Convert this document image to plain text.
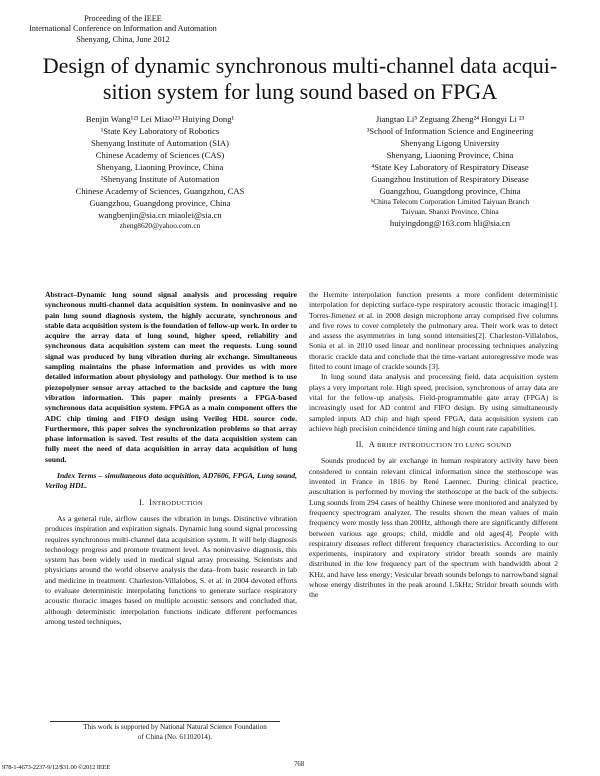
Proceeding of the IEEE
International Conference on Information and Automation
Shenyang, China, June 2012
Design of dynamic synchronous multi-channel data acqui-
sition system for lung sound based on FPGA
Benjin Wang¹²³ Lei Miao¹²³ Huiying Dong¹
¹State Key Laboratory of Robotics
Shenyang Institute of Automation (SIA)
Chinese Academy of Sciences (CAS)
Shenyang, Liaoning Province, China
²Shenyang Institute of Automation
Chinese Academy of Sciences, Guangzhou, CAS
Guangzhou, Guangdong province, China
wangbenjin@sia.cn miaolei@sia.cn
zheng8620@yahoo.com.cn
Jiangtao Li⁵ Zeguang Zheng²⁴ Hongyi Li ²³
³School of Information Science and Engineering
Shenyang Ligong University
Shenyang, Liaoning Province, China
⁴State Key Laboratory of Respiratory Disease
Guangzhou Institution of Respiratory Disease
Guangzhou, Guangdong province, China
⁵China Telecom Corporation Limited Taiyuan Branch
Taiyuan, Shanxi Province, China
huiyingdong@163.com hli@sia.cn

Abstract–Dynamic lung sound signal analysis and processing require synchronous multi-channel data acquisition system. In noninvasive and no pain lung sound diagnosis system, the highly accurate, synchronous and stable data acquisition system is the foundation of fellow-up work. In order to acquire the array data of lung sound, higher speed, reliability and synchronous data acquisition system can meet the requests. Lung sound signal was produced by lung vibration during air exchange. Simultaneous sampling maintains the phase information and provides us with more detailed information about physiology and pathology. Our method is to use piezopolymer sensor array attached to the backside and capture the lung vibration information. This paper mainly presents a FPGA-based synchronous data acquisition system. FPGA as a main component offers the ADC chip timing and FIFO design using Verilog HDL source code. Furthermore, this paper solves the synchronization problems so that array phase information is saved. Test results of the data acquisition system can fully meet the need of data acquisition in array data acquisition of lung sound.

Index Terms – simultaneous data acquisition, AD7606, FPGA, Lung sound, Verilog HDL.

I. INTRODUCTION

As a general rule, airflow causes the vibration in lungs. Distinctive vibration produces inspiration and expiration signals. Dynamic lung sound signal processing requires synchronous multi-channel data acquisition system. It will help diagnosis technology progress and promote treatment level. As noninvasive diagnosis, this system has been widely used in medical signal array processing. Scientists and physicians around the world observe analysis the data–from basic research in lab and medicine in treatment. Charleston-Villalobos, S. et al. in 2004 devoted efforts to evaluate deterministic interpolating functions to generate surface respiratory acoustic thoracic images based on multiple acoustic sensors and concluded that, although deterministic interpolation functions indicate different performances among tested techniques,

the Hermite interpolation function presents a more confident deterministic interpolation for depicting surface-type respiratory acoustic thoracic imaging[1]. Torres-Jimenez et al. in 2008 design microphone array comprised five columns and five rows to cover completely the pulmonary area. Their work was to detect and assess the asymmetries in lung sound intensities[2]. Charleston-Villalobos, Sonia et al. in 2010 used linear and nonlinear processing techniques analyzing thoracic crackle data and conclude that the time-variant autoregressive mode was fitted to count image of crackle sounds [3].

In lung sound data analysis and processing field, data acquisition system plays a very important role. High speed, precision, synchronous of array data are vital for the fellow-up analysis. Field-programmable gate array (FPGA) is increasingly used for AD control and FIFO design. By using simultaneously sampled inputs AD chip and high speed FPGA, data acquisition system can achieve high precision coincidence timing and high count rate capabilities.

II. A BRIEF INTRODUCTION TO LUNG SOUND

Sounds produced by air exchange in human respiratory activity have been considered to contain relevant clinical information since the stethoscope was invented in France in 1816 by René Laennec. During clinical practice, auscultation is performed by moving the stethoscope at the back of the subjects. Lung sounds from 294 cases of healthy Chinese were monitored and analyzed by frequency spectrogram analyzer. The results shown the mean values of main frequency were mostly less than 200Hz, although there are significantly different between various age groups; child, middle and old ages[4]. People with respiratory diseases reflect different frequency characteristics. According to our experiments, inspiratory and expiratory stridor breath sounds are mainly distributed in the low frequency part of the spectrum with bandwidth about 2 KHz, and have less energy; Vesicular breath sounds belongs to narrowband signal whose energy distributes in the peak around 1.5kHz; Stridor breath sounds with the

This work is supported by National Natural Science Foundation
of China (No. 61102014).
978-1-4673-2237-9/12/$31.00 ©2012 IEEE	768
